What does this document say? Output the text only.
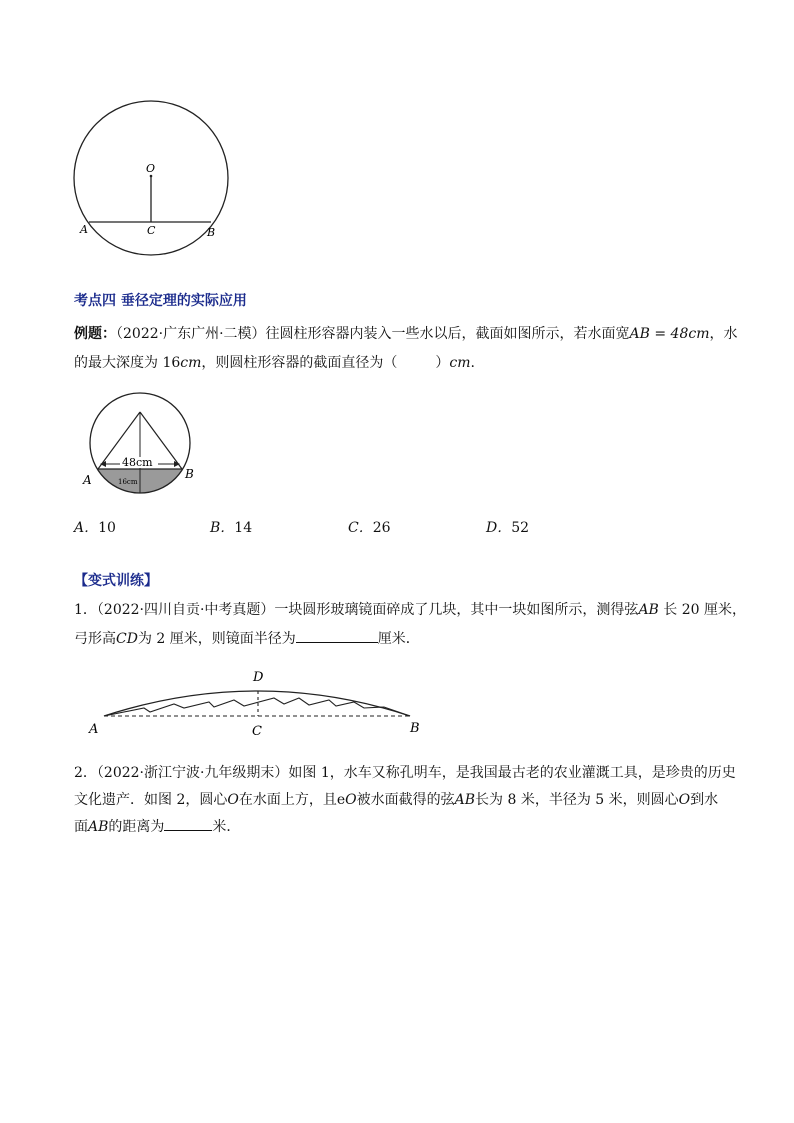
O
A	C	B
考点四 垂径定理的实际应用
例题：（2022·广东广州·二模）往圆柱形容器内装入一些水以后，截面如图所示，若水面宽AB = 48cm，水
的最大深度为 16cm，则圆柱形容器的截面直径为（	）cm.
48cm
16cm
A	B
A．10	B．14	C．26	D．52
【变式训练】
1．（2022·四川自贡·中考真题）一块圆形玻璃镜面碎成了几块，其中一块如图所示，测得弦AB 长 20 厘米，
弓形高CD为 2 厘米，则镜面半径为	厘米．
D
C
A	B
2．（2022·浙江宁波·九年级期末）如图 1，水车又称孔明车，是我国最古老的农业灌溉工具，是珍贵的历史
文化遗产．如图 2，圆心O在水面上方，且eO被水面截得的弦AB长为 8 米，半径为 5 米，则圆心O到水
面AB的距离为	米．
